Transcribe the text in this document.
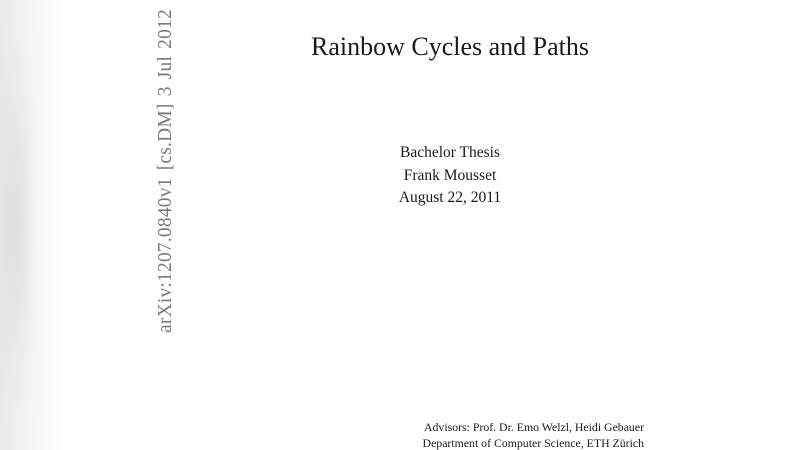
arXiv:1207.0840v1 [cs.DM] 3 Jul 2012	Rainbow Cycles and Paths
Bachelor Thesis
Frank Mousset
August 22, 2011
Advisors: Prof. Dr. Emo Welzl, Heidi Gebauer
Department of Computer Science, ETH Zürich
